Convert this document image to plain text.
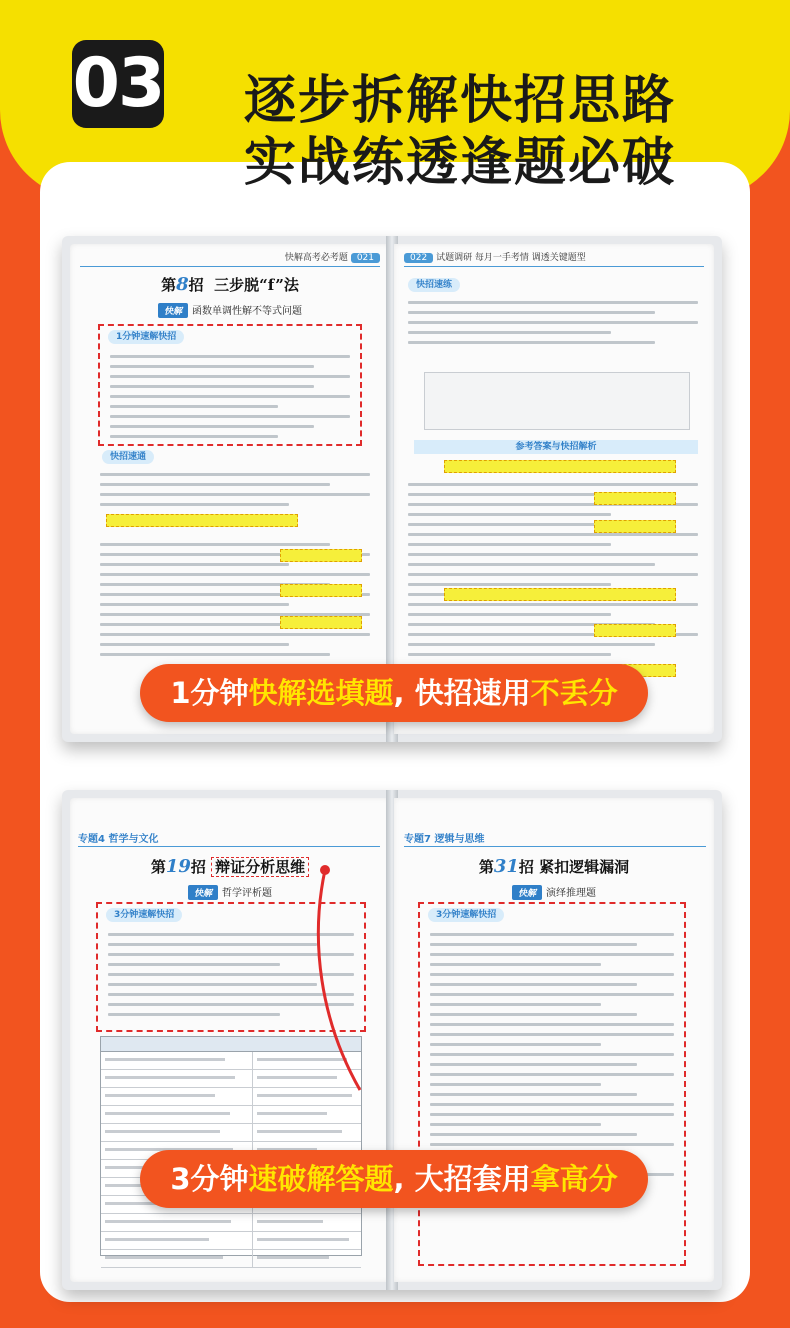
03 逐步拆解快招思路
实战练透逢题必破
快解高考必考题 021
第8招 三步脱“f”法
快解 函数单调性解不等式问题
1分钟速解快招
快招速通
022 试题调研 每月一手考情 调透关键题型
快招速练
参考答案与快招解析
1分钟快解选填题, 快招速用不丢分
专题4 哲学与文化
第19招 辩证分析思维
快解 哲学评析题
3分钟速解快招
专题7 逻辑与思维
第31招 紧扣逻辑漏洞
快解 演绎推理题
3分钟速解快招
3分钟速破解答题, 大招套用拿高分
